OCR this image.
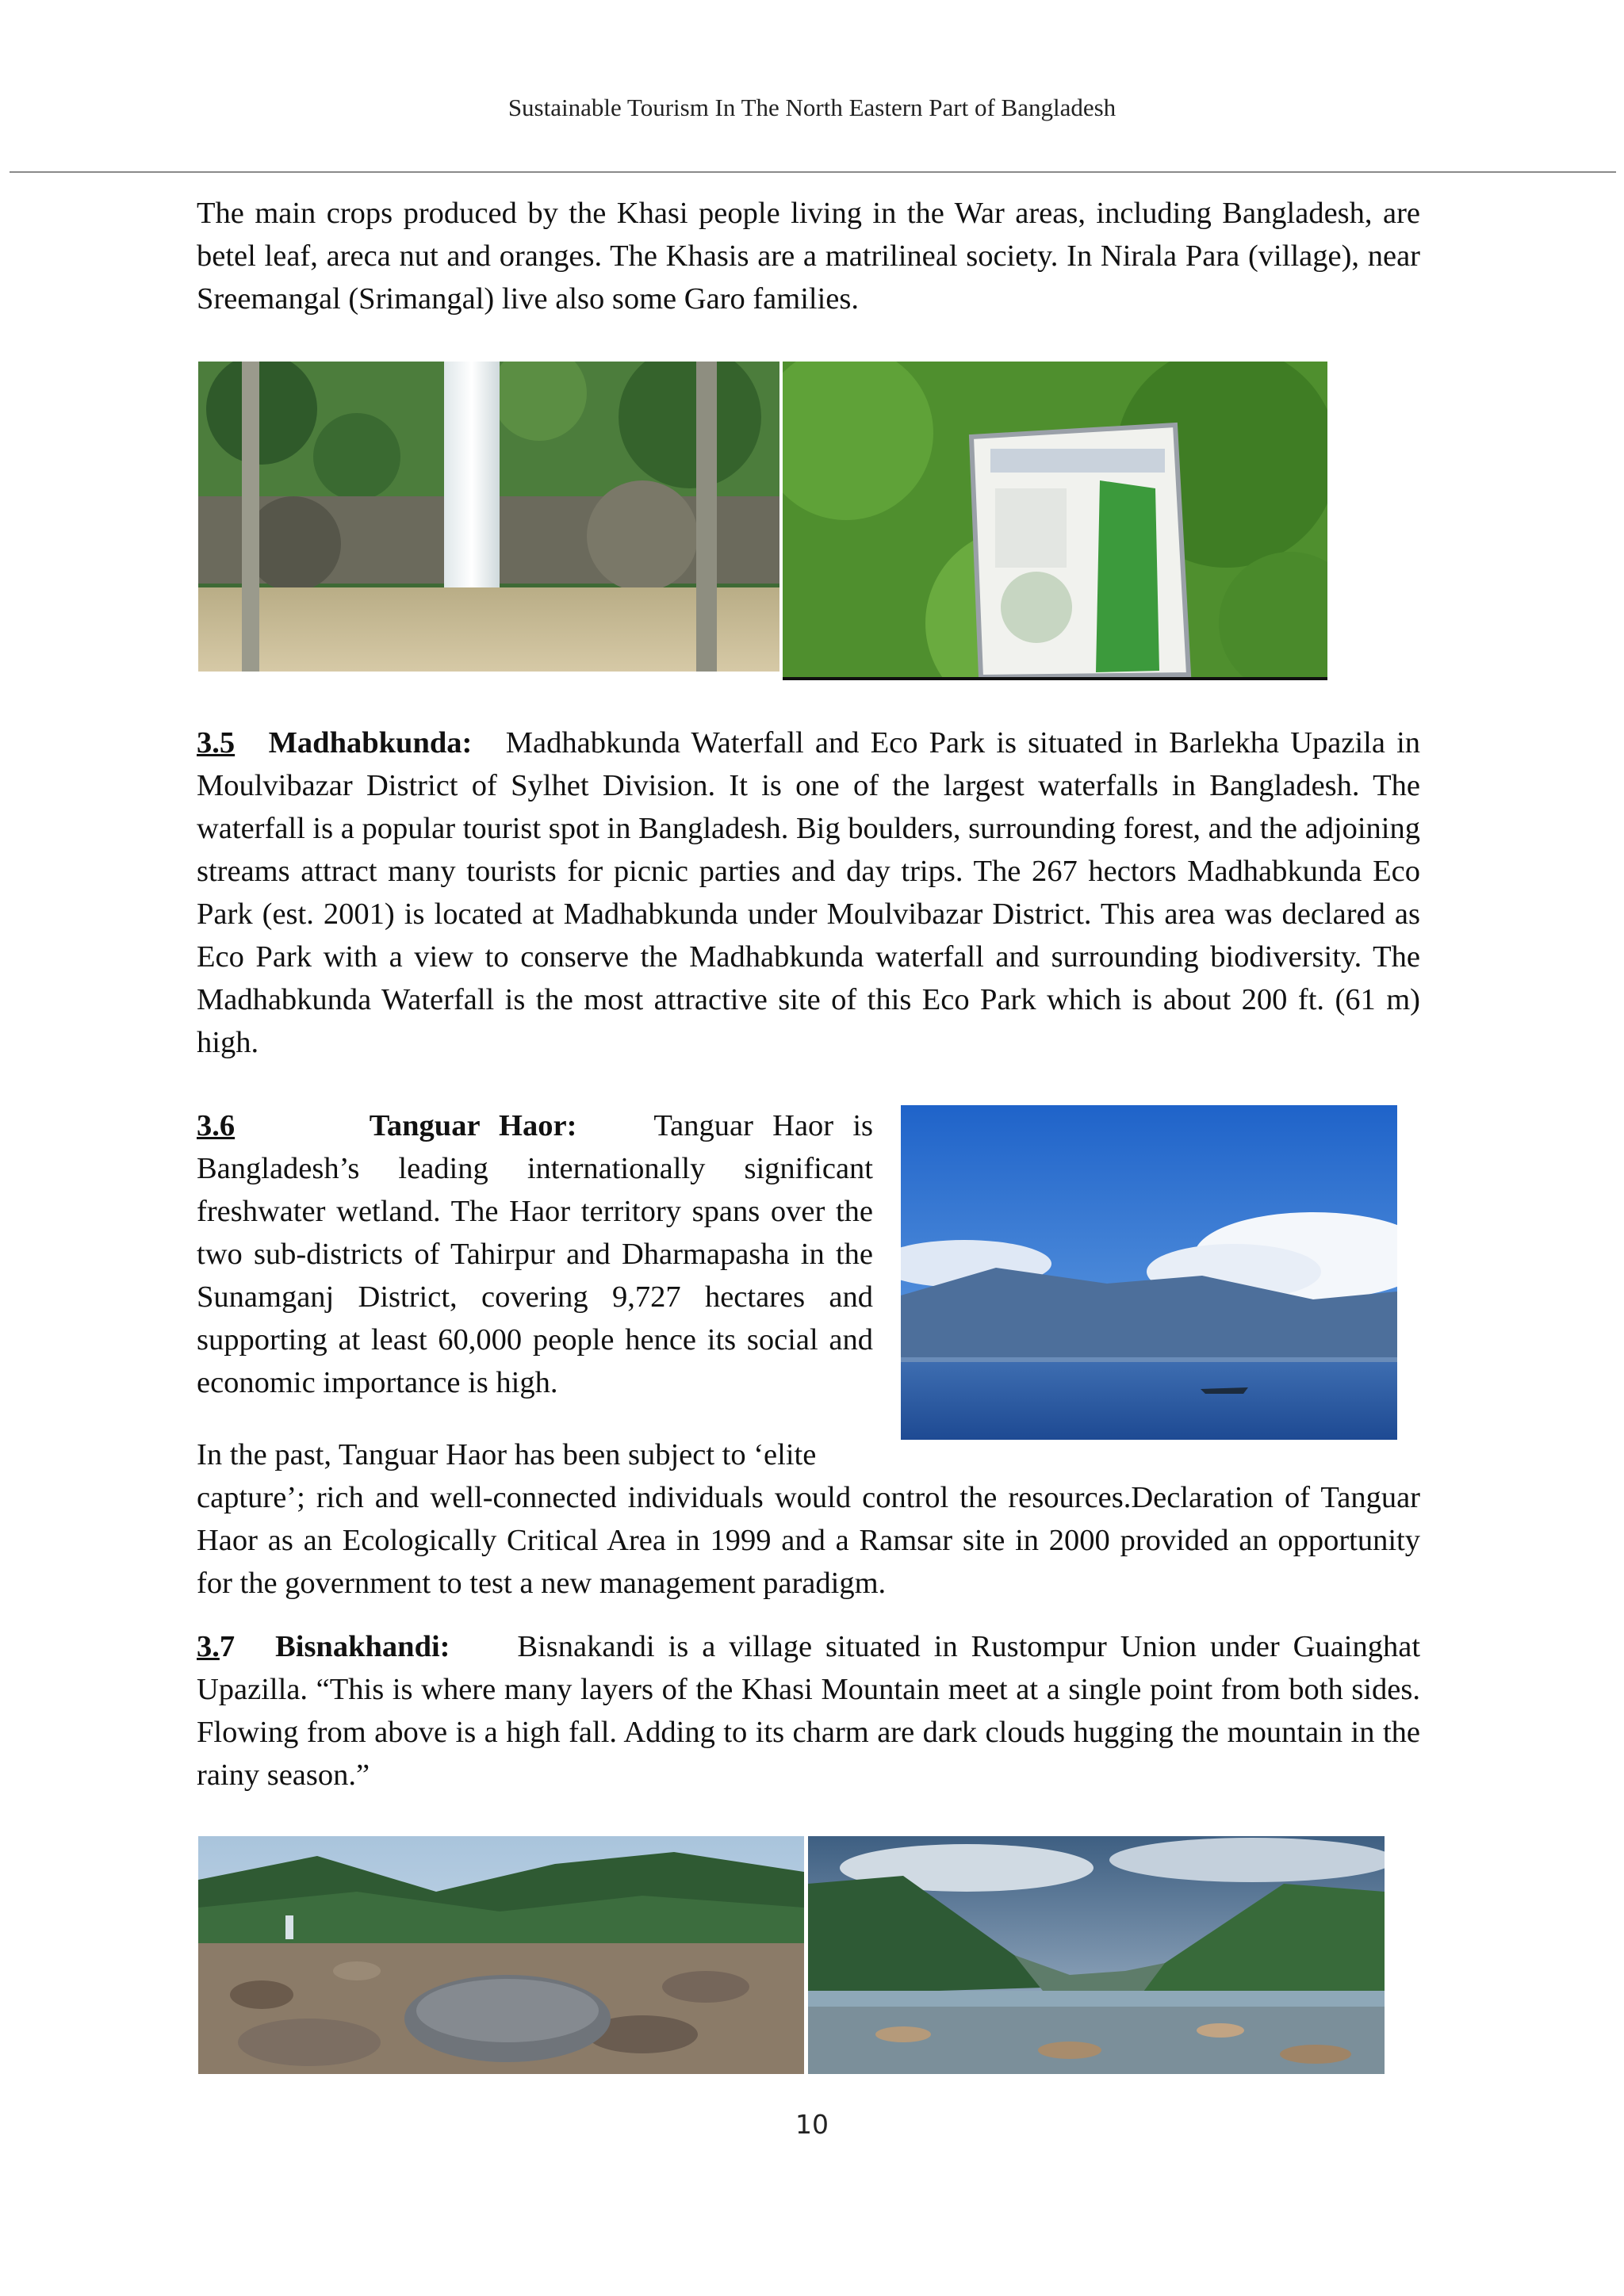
Sustainable Tourism In The North Eastern Part of Bangladesh

The main crops produced by the Khasi people living in the War areas, including Bangladesh, are betel leaf, areca nut and oranges. The Khasis are a matrilineal society. In Nirala Para (village), near Sreemangal (Srimangal) live also some Garo families.

3.5 Madhabkunda: Madhabkunda Waterfall and Eco Park is situated in Barlekha Upazila in Moulvibazar District of Sylhet Division. It is one of the largest waterfalls in Bangladesh. The waterfall is a popular tourist spot in Bangladesh. Big boulders, surrounding forest, and the adjoining streams attract many tourists for picnic parties and day trips. The 267 hectors Madhabkunda Eco Park (est. 2001) is located at Madhabkunda under Moulvibazar District. This area was declared as Eco Park with a view to conserve the Madhabkunda waterfall and surrounding biodiversity. The Madhabkunda Waterfall is the most attractive site of this Eco Park which is about 200 ft. (61 m) high.

3.6	Tanguar Haor:	Tanguar Haor is Bangladesh’s leading internationally significant freshwater wetland. The Haor territory spans over the two sub-districts of Tahirpur and Dharmapasha in the Sunamganj District, covering 9,727 hectares and supporting at least 60,000 people hence its social and economic importance is high.

In the past, Tanguar Haor has been subject to ‘elite
capture’; rich and well-connected individuals would control the resources.Declaration of Tanguar Haor as an Ecologically Critical Area in 1999 and a Ramsar site in 2000 provided an opportunity for the government to test a new management paradigm.

3.7 Bisnakhandi: Bisnakandi is a village situated in Rustompur Union under Guainghat Upazilla. “This is where many layers of the Khasi Mountain meet at a single point from both sides. Flowing from above is a high fall. Adding to its charm are dark clouds hugging the mountain in the rainy season.”

10
